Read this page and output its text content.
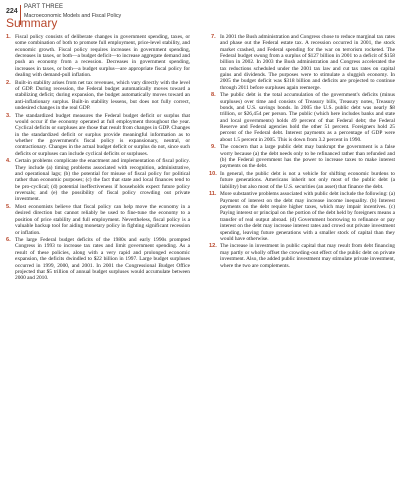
224
PART THREE
Macroeconomic Models and Fiscal Policy
Summary
1. Fiscal policy consists of deliberate changes in government spending, taxes, or some combination of both to promote full employment, price-level stability, and economic growth. Fiscal policy requires increases in government spending, decreases in taxes, or both—a budget deficit—to increase aggregate demand and push an economy from a recession. Decreases in government spending, increases in taxes, or both—a budget surplus—are appropriate fiscal policy for dealing with demand-pull inflation.
2. Built-in stability arises from net tax revenues, which vary directly with the level of GDP. During recession, the Federal budget automatically moves toward a stabilizing deficit; during expansion, the budget automatically moves toward an anti-inflationary surplus. Built-in stability lessens, but does not fully correct, undesired changes in the real GDP.
3. The standardized budget measures the Federal budget deficit or surplus that would occur if the economy operated at full employment throughout the year. Cyclical deficits or surpluses are those that result from changes in GDP. Changes in the standardized deficit or surplus provide meaningful information as to whether the government's fiscal policy is expansionary, neutral, or contractionary. Changes in the actual budget deficit or surplus do not, since such deficits or surpluses can include cyclical deficits or surpluses.
4. Certain problems complicate the enactment and implementation of fiscal policy. They include (a) timing problems associated with recognition, administrative, and operational lags; (b) the potential for misuse of fiscal policy for political rather than economic purposes; (c) the fact that state and local finances tend to be pro-cyclical; (d) potential ineffectiveness if households expect future policy reversals; and (e) the possibility of fiscal policy crowding out private investment.
5. Most economists believe that fiscal policy can help move the economy in a desired direction but cannot reliably be used to fine-tune the economy to a position of price stability and full employment. Nevertheless, fiscal policy is a valuable backup tool for aiding monetary policy in fighting significant recession or inflation.
6. The large Federal budget deficits of the 1980s and early 1990s prompted Congress in 1993 to increase tax rates and limit government spending. As a result of these policies, along with a very rapid and prolonged economic expansion, the deficits dwindled to $22 billion in 1997. Large budget surpluses occurred in 1999, 2000, and 2001. In 2001 the Congressional Budget Office projected that $5 trillion of annual budget surpluses would accumulate between 2000 and 2010.
7. In 2001 the Bush administration and Congress chose to reduce marginal tax rates and phase out the Federal estate tax. A recession occurred in 2001, the stock market crashed, and Federal spending for the war on terrorism rocketed. The Federal budget swung from a surplus of $127 billion in 2001 to a deficit of $158 billion in 2002. In 2003 the Bush administration and Congress accelerated the tax reductions scheduled under the 2001 tax law and cut tax rates on capital gains and dividends. The purposes were to stimulate a sluggish economy. In 2005 the budget deficit was $318 billion and deficits are projected to continue through 2011 before surpluses again reemerge.
8. The public debt is the total accumulation of the government's deficits (minus surpluses) over time and consists of Treasury bills, Treasury notes, Treasury bonds, and U.S. savings bonds. In 2005 the U.S. public debt was nearly $8 trillion, or $26,454 per person. The public (which here includes banks and state and local governments) holds 49 percent of that Federal debt; the Federal Reserve and Federal agencies hold the other 51 percent. Foreigners hold 25 percent of the Federal debt. Interest payments as a percentage of GDP were about 1.5 percent in 2005. This is down from 3.2 percent in 1990.
9. The concern that a large public debt may bankrupt the government is a false worry because (a) the debt needs only to be refinanced rather than refunded and (b) the Federal government has the power to increase taxes to make interest payments on the debt.
10. In general, the public debt is not a vehicle for shifting economic burdens to future generations. Americans inherit not only most of the public debt (a liability) but also most of the U.S. securities (an asset) that finance the debt.
11. More substantive problems associated with public debt include the following: (a) Payment of interest on the debt may increase income inequality. (b) Interest payments on the debt require higher taxes, which may impair incentives. (c) Paying interest or principal on the portion of the debt held by foreigners means a transfer of real output abroad. (d) Government borrowing to refinance or pay interest on the debt may increase interest rates and crowd out private investment spending, leaving future generations with a smaller stock of capital than they would have otherwise.
12. The increase in investment in public capital that may result from debt financing may partly or wholly offset the crowding-out effect of the public debt on private investment. Also, the added public investment may stimulate private investment, where the two are complements.
